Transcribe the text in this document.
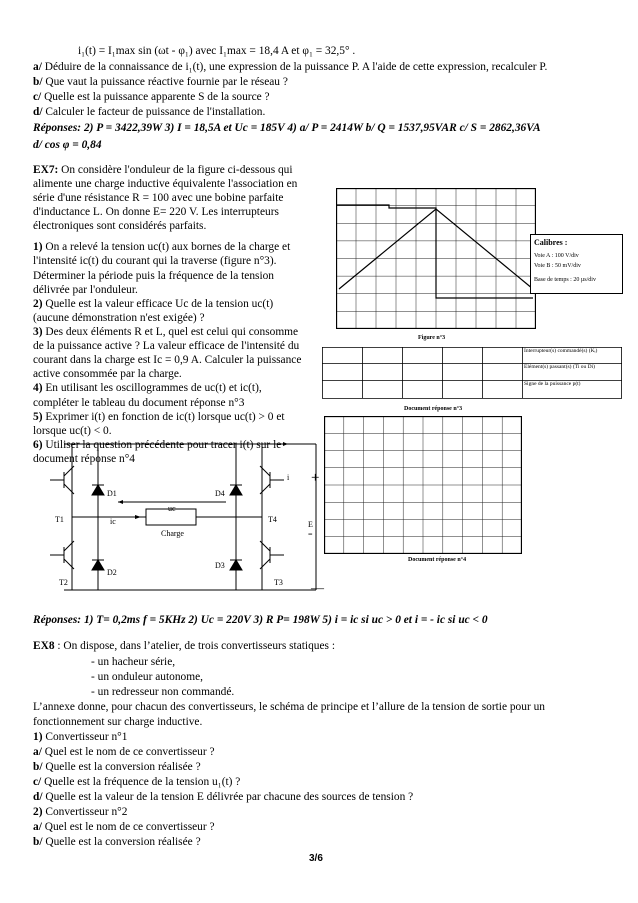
i₁(t) = I₁max sin (ωt - φ₁) avec I₁max = 18,4 A et φ₁ = 32,5° .
a/ Déduire de la connaissance de i₁(t), une expression de la puissance P. A l'aide de cette expression, recalculer P.
b/ Que vaut la puissance réactive fournie par le réseau ?
c/ Quelle est la puissance apparente S de la source ?
d/ Calculer le facteur de puissance de l'installation.
Réponses: 2) P = 3422,39W 3) I = 18,5A et Uc = 185V 4) a/ P = 2414W b/ Q = 1537,95VAR c/ S = 2862,36VA
d/ cos φ = 0,84
EX7: On considère l'onduleur de la figure ci-dessous qui
alimente une charge inductive équivalente l'association en
série d'une résistance R = 100 avec une bobine parfaite
d'inductance L. On donne E= 220 V. Les interrupteurs
électroniques sont considérés parfaits.
1) On a relevé la tension uc(t) aux bornes de la charge et
l'intensité ic(t) du courant qui la traverse (figure n°3).
Déterminer la période puis la fréquence de la tension
délivrée par l'onduleur.
2) Quelle est la valeur efficace Uc de la tension uc(t)
(aucune démonstration n'est exigée) ?
3) Des deux éléments R et L, quel est celui qui consomme
de la puissance active ? La valeur efficace de l'intensité du
courant dans la charge est Ic = 0,9 A. Calculer la puissance
active consommée par la charge.
4) En utilisant les oscillogrammes de uc(t) et ic(t),
compléter le tableau du document réponse n°3
5) Exprimer i(t) en fonction de ic(t) lorsque uc(t) > 0 et
lorsque uc(t) < 0.
6) Utiliser la question précédente pour tracer i(t) sur le
document réponse n°4
Calibres :
Voie A : 100 V/div
Voie B : 50 mV/div
Base de temps : 20 µs/div
Figure n°3
Interrupteur(s) commandé(s) (Kᵢ)
Elément(s) passant(s) (Ti ou Di)
Signe de la puissance p(t)
Document réponse n°3
Document réponse n°4
D1	D4
T1	T4
D2
D3
T2	T3
uc
ic
Charge
i
E
=
+
—
Réponses: 1) T= 0,2ms f = 5KHz 2) Uc = 220V 3) R P= 198W 5) i = ic si uc > 0 et i = - ic si uc < 0
EX8 : On dispose, dans l’atelier, de trois convertisseurs statiques :
- un hacheur série,
- un onduleur autonome,
- un redresseur non commandé.
L’annexe donne, pour chacun des convertisseurs, le schéma de principe et l’allure de la tension de sortie pour un
fonctionnement sur charge inductive.
1) Convertisseur n°1
a/ Quel est le nom de ce convertisseur ?
b/ Quelle est la conversion réalisée ?
c/ Quelle est la fréquence de la tension u₁(t) ?
d/ Quelle est la valeur de la tension E délivrée par chacune des sources de tension ?
2) Convertisseur n°2
a/ Quel est le nom de ce convertisseur ?
b/ Quelle est la conversion réalisée ?
3/6
